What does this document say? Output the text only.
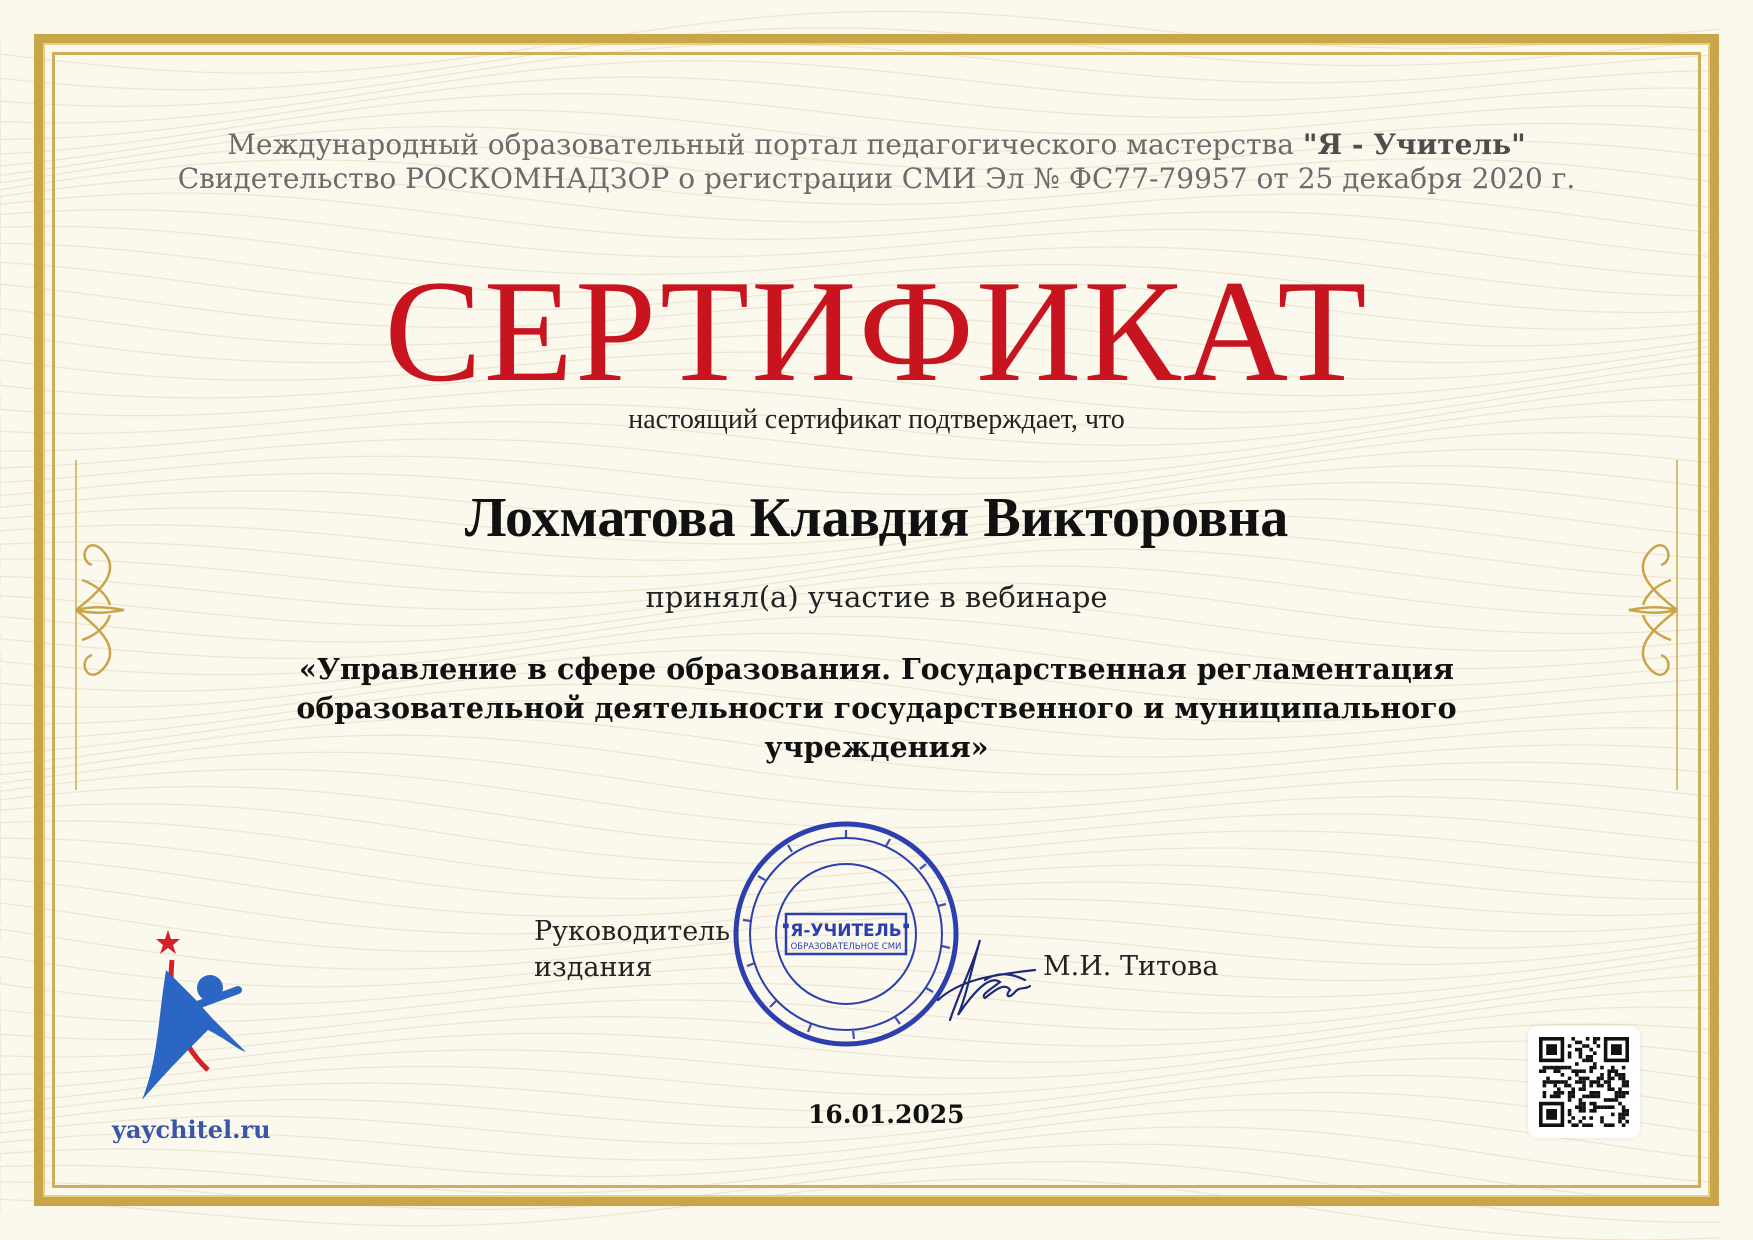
Международный образовательный портал педагогического мастерства "Я - Учитель"
Свидетельство РОСКОМНАДЗОР о регистрации СМИ Эл № ФС77-79957 от 25 декабря 2020 г.
СЕРТИФИКАТ
настоящий сертификат подтверждает, что
Лохматова Клавдия Викторовна
принял(а) участие в вебинаре
«Управление в сфере образования. Государственная регламентация образовательной деятельности государственного и муниципального учреждения»
Руководитель
издания
"Я-УЧИТЕЛЬ"
ОБРАЗОВАТЕЛЬНОЕ СМИ
М.И. Титова
16.01.2025
yaychitel.ru
